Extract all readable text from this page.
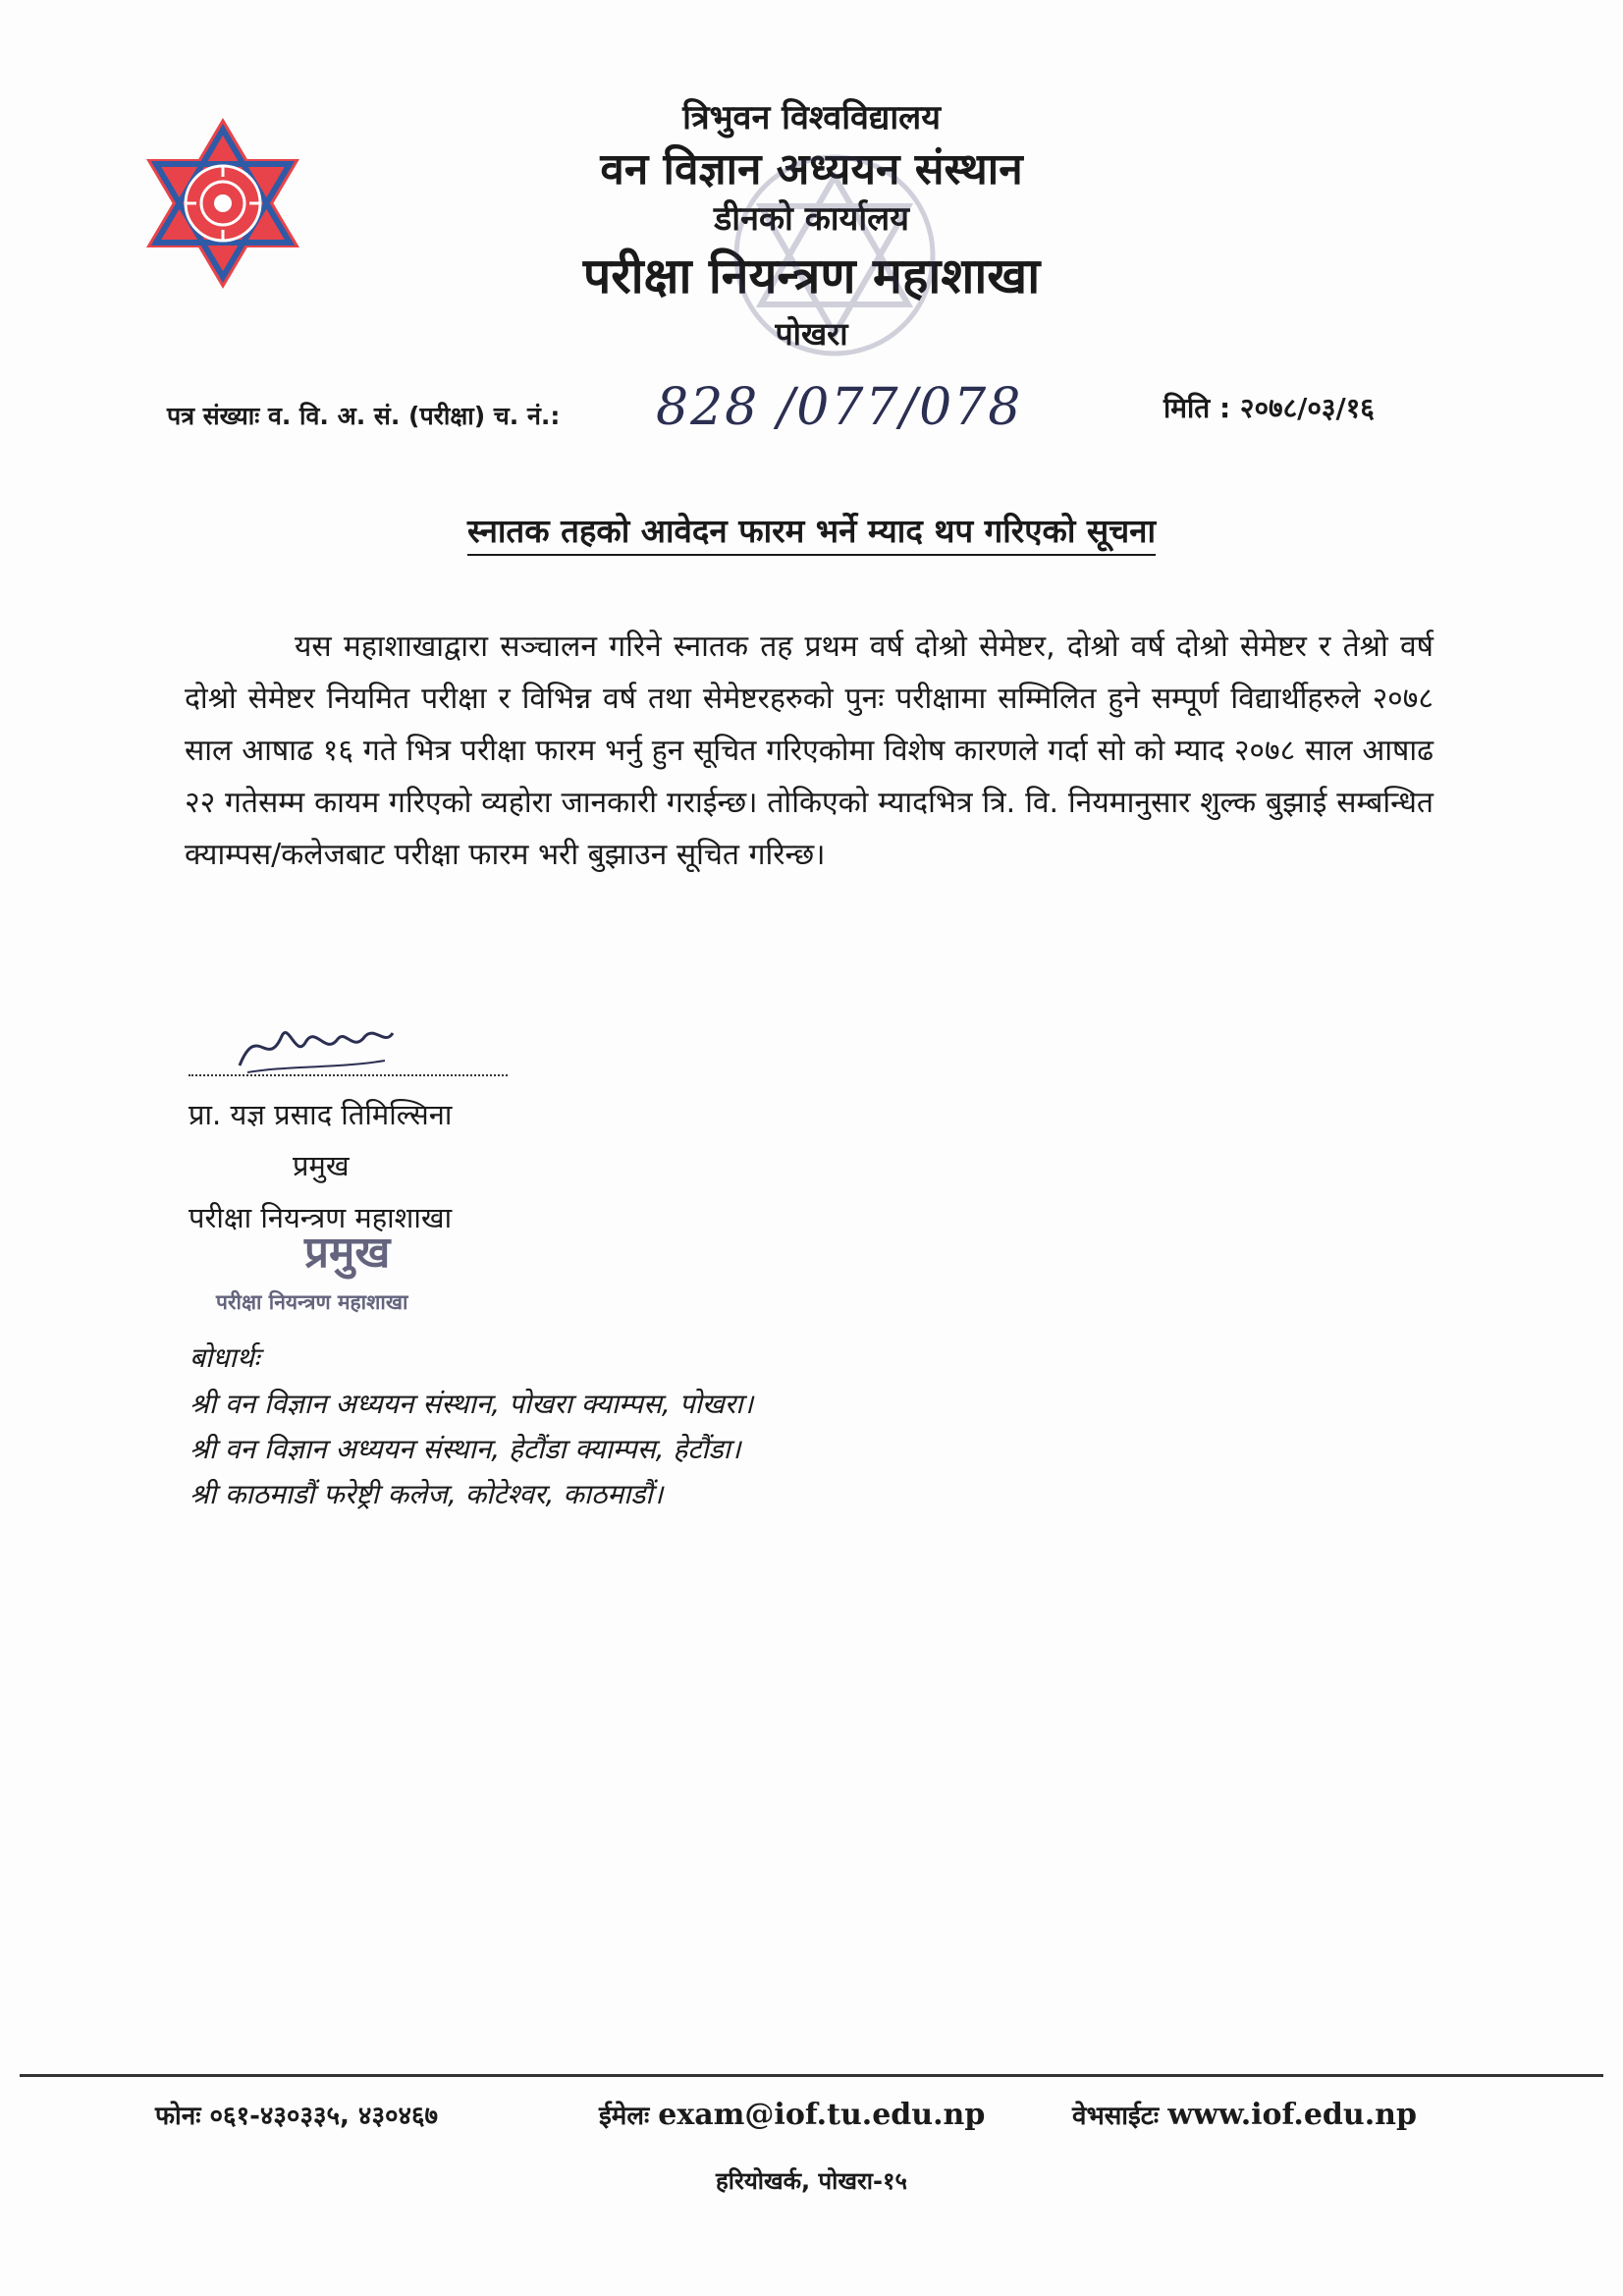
त्रिभुवन विश्वविद्यालय
वन विज्ञान अध्ययन संस्थान
डीनको कार्यालय
परीक्षा नियन्त्रण महाशाखा
पोखरा
पत्र संख्याः व. वि. अ. सं. (परीक्षा) च. नं.: 828 /077/078	मिति : २०७८/०३/१६
स्नातक तहको आवेदन फारम भर्ने म्याद थप गरिएको सूचना
यस महाशाखाद्वारा सञ्चालन गरिने स्नातक तह प्रथम वर्ष दोश्रो सेमेष्टर, दोश्रो वर्ष दोश्रो सेमेष्टर र तेश्रो वर्ष दोश्रो सेमेष्टर नियमित परीक्षा र विभिन्न वर्ष तथा सेमेष्टरहरुको पुनः परीक्षामा सम्मिलित हुने सम्पूर्ण विद्यार्थीहरुले २०७८ साल आषाढ १६ गते भित्र परीक्षा फारम भर्नु हुन सूचित गरिएकोमा विशेष कारणले गर्दा सो को म्याद २०७८ साल आषाढ २२ गतेसम्म कायम गरिएको व्यहोरा जानकारी गराईन्छ। तोकिएको म्यादभित्र त्रि. वि. नियमानुसार शुल्क बुझाई सम्बन्धित क्याम्पस/कलेजबाट परीक्षा फारम भरी बुझाउन सूचित गरिन्छ।
प्रा. यज्ञ प्रसाद तिमिल्सिना
प्रमुख
परीक्षा नियन्त्रण महाशाखा
प्रमुख
परीक्षा नियन्त्रण महाशाखा
बोधार्थः
श्री वन विज्ञान अध्ययन संस्थान, पोखरा क्याम्पस, पोखरा।
श्री वन विज्ञान अध्ययन संस्थान, हेटौंडा क्याम्पस, हेटौंडा।
श्री काठमाडौं फरेष्ट्री कलेज, कोटेश्वर, काठमाडौं।
फोनः ०६१-४३०३३५, ४३०४६७	ईमेलः exam@iof.tu.edu.np	वेभसाईटः www.iof.edu.np
हरियोखर्क, पोखरा-१५
